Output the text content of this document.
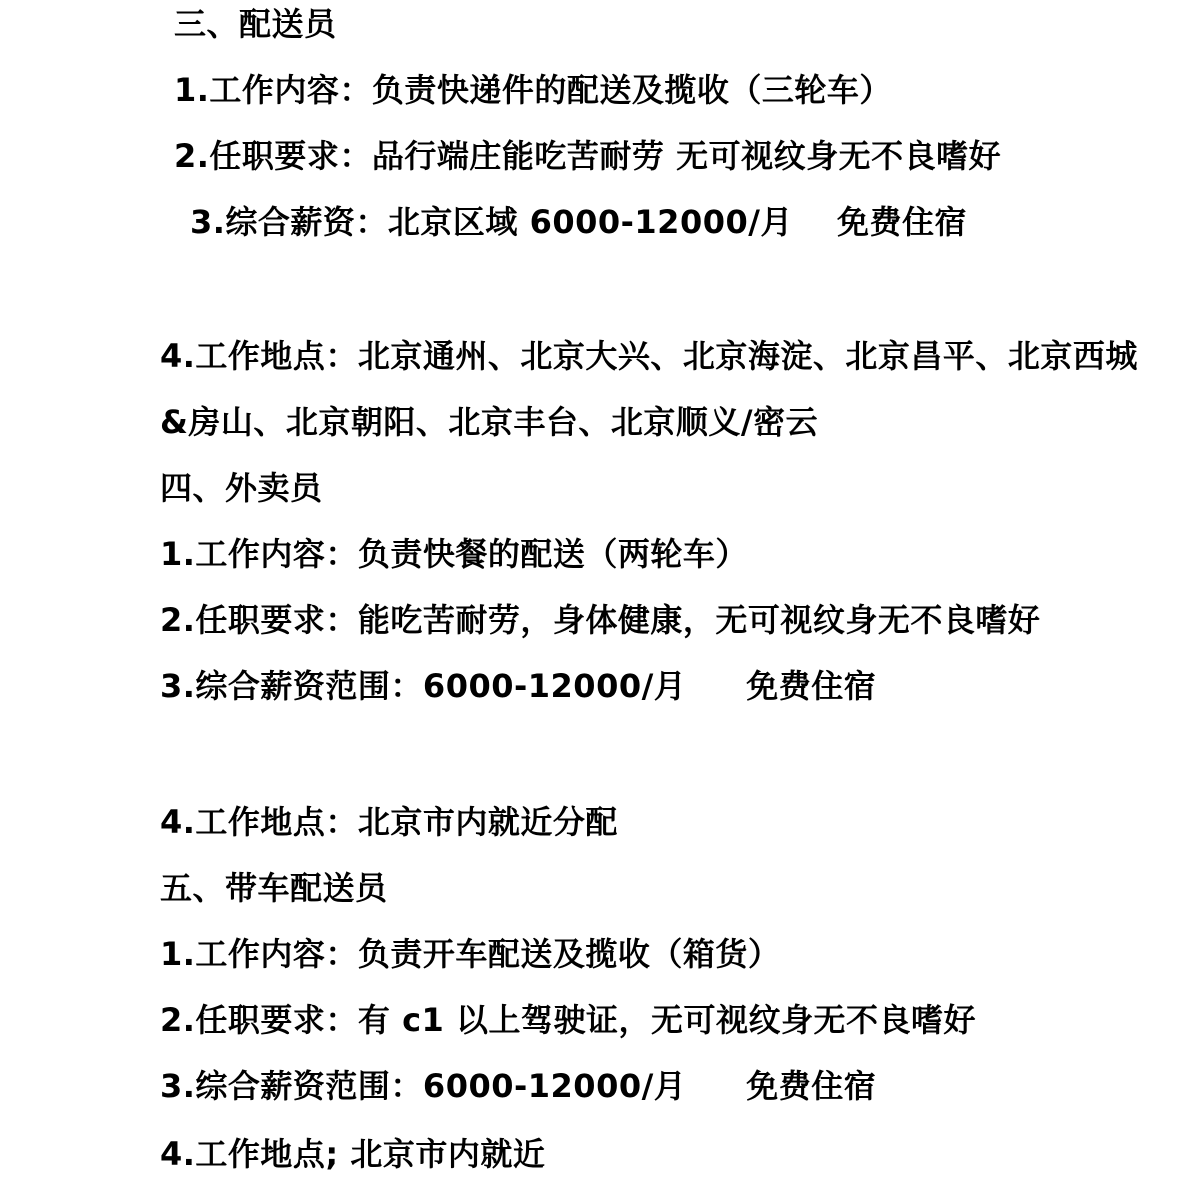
三、配送员
1.工作内容：负责快递件的配送及揽收（三轮车）
2.任职要求：品行端庄能吃苦耐劳 无可视纹身无不良嗜好
3.综合薪资：北京区域 6000-12000/月 免费住宿
4.工作地点：北京通州、北京大兴、北京海淀、北京昌平、北京西城
&房山、北京朝阳、北京丰台、北京顺义/密云
四、外卖员
1.工作内容：负责快餐的配送（两轮车）
2.任职要求：能吃苦耐劳，身体健康，无可视纹身无不良嗜好
3.综合薪资范围：6000-12000/月 免费住宿
4.工作地点：北京市内就近分配
五、带车配送员
1.工作内容：负责开车配送及揽收（箱货）
2.任职要求：有 c1 以上驾驶证，无可视纹身无不良嗜好
3.综合薪资范围：6000-12000/月 免费住宿
4.工作地点; 北京市内就近
